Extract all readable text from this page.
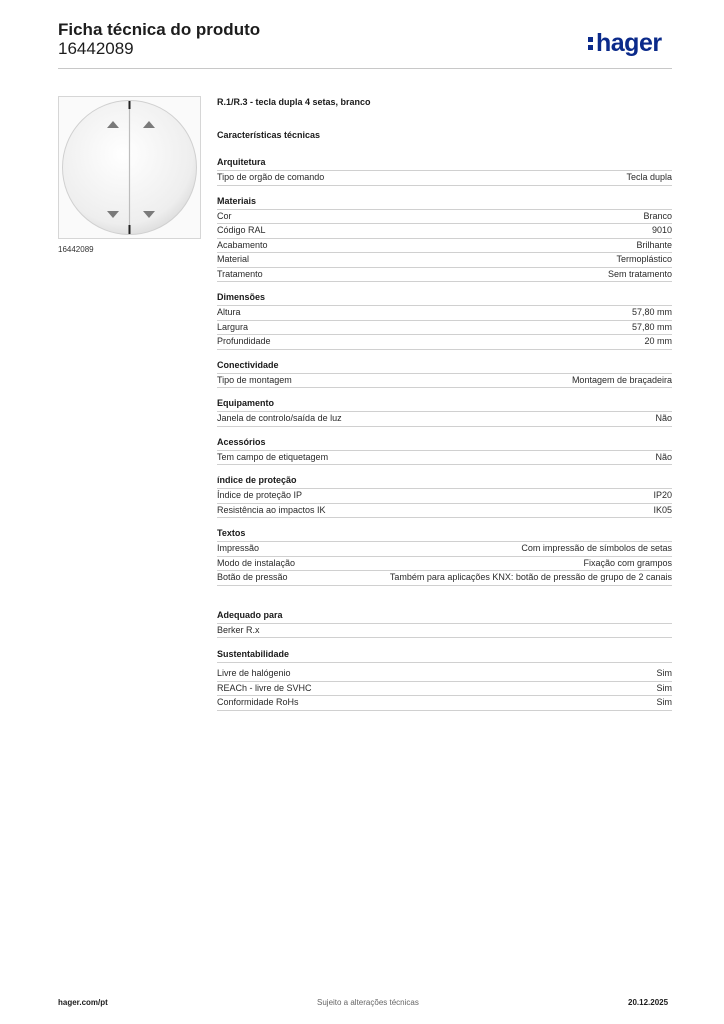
Ficha técnica do produto
16442089	hager
16442089
R.1/R.3 - tecla dupla 4 setas, branco
Características técnicas
Arquitetura
Tipo de orgão de comando	Tecla dupla
Materiais
Cor	Branco
Código RAL	9010
Acabamento	Brilhante
Material	Termoplástico
Tratamento	Sem tratamento
Dimensões
Altura	57,80 mm
Largura	57,80 mm
Profundidade	20 mm
Conectividade
Tipo de montagem	Montagem de braçadeira
Equipamento
Janela de controlo/saída de luz	Não
Acessórios
Tem campo de etiquetagem	Não
índice de proteção
Índice de proteção IP	IP20
Resistência ao impactos IK	IK05
Textos
Impressão	Com impressão de símbolos de setas
Modo de instalação	Fixação com grampos
Botão de pressão	Também para aplicações KNX: botão de pressão de grupo de 2 canais
Adequado para
Berker R.x
Sustentabilidade
Livre de halógenio	Sim
REACh - livre de SVHC	Sim
Conformidade RoHs	Sim
hager.com/pt	Sujeito a alterações técnicas	20.12.2025
